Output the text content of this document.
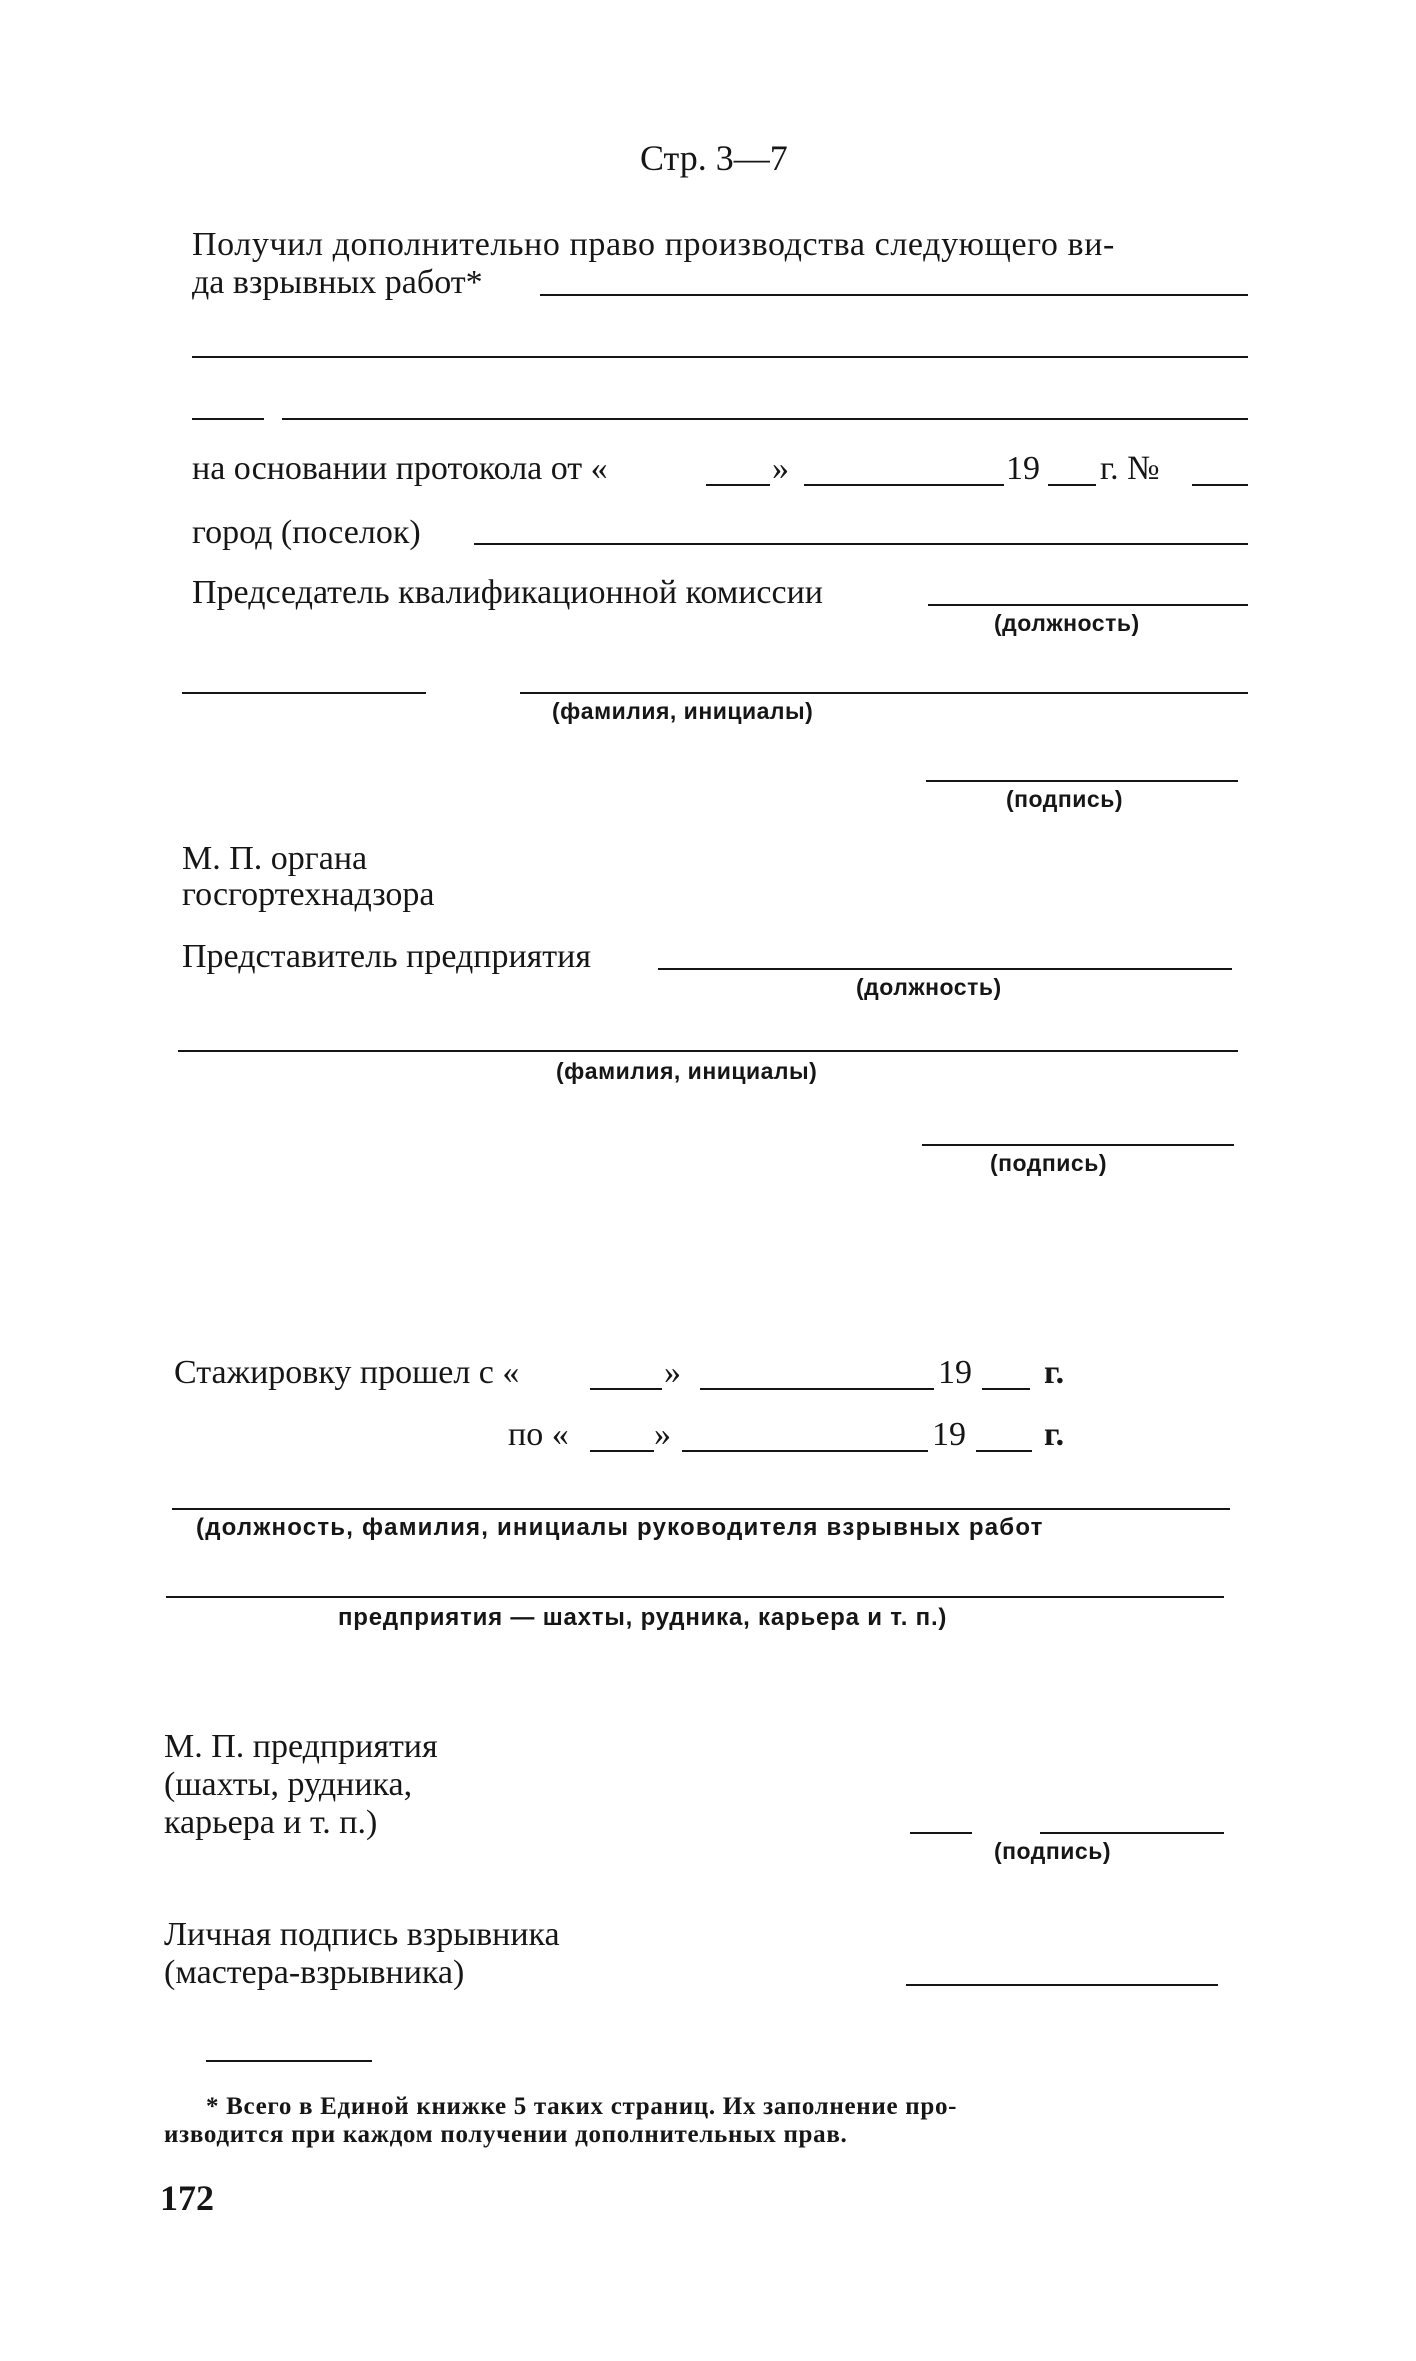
Стр. 3—7
Получил дополнительно право производства следующего ви-
да взрывных работ*
на основании протокола от «	»	19 г. №
город (поселок)
Председатель квалификационной комиссии
(должность)
(фамилия, инициалы)
(подпись)
М. П. органа
госгортехнадзора
Представитель предприятия
(должность)
(фамилия, инициалы)
(подпись)
Стажировку прошел с «	»	19 г.
по «	»	19 г.
(должность, фамилия, инициалы руководителя взрывных работ
предприятия — шахты, рудника, карьера и т. п.)
М. П. предприятия
(шахты, рудника,
карьера и т. п.)
(подпись)
Личная подпись взрывника
(мастера-взрывника)
* Всего в Единой книжке 5 таких страниц. Их заполнение про-
изводится при каждом получении дополнительных прав.
172
